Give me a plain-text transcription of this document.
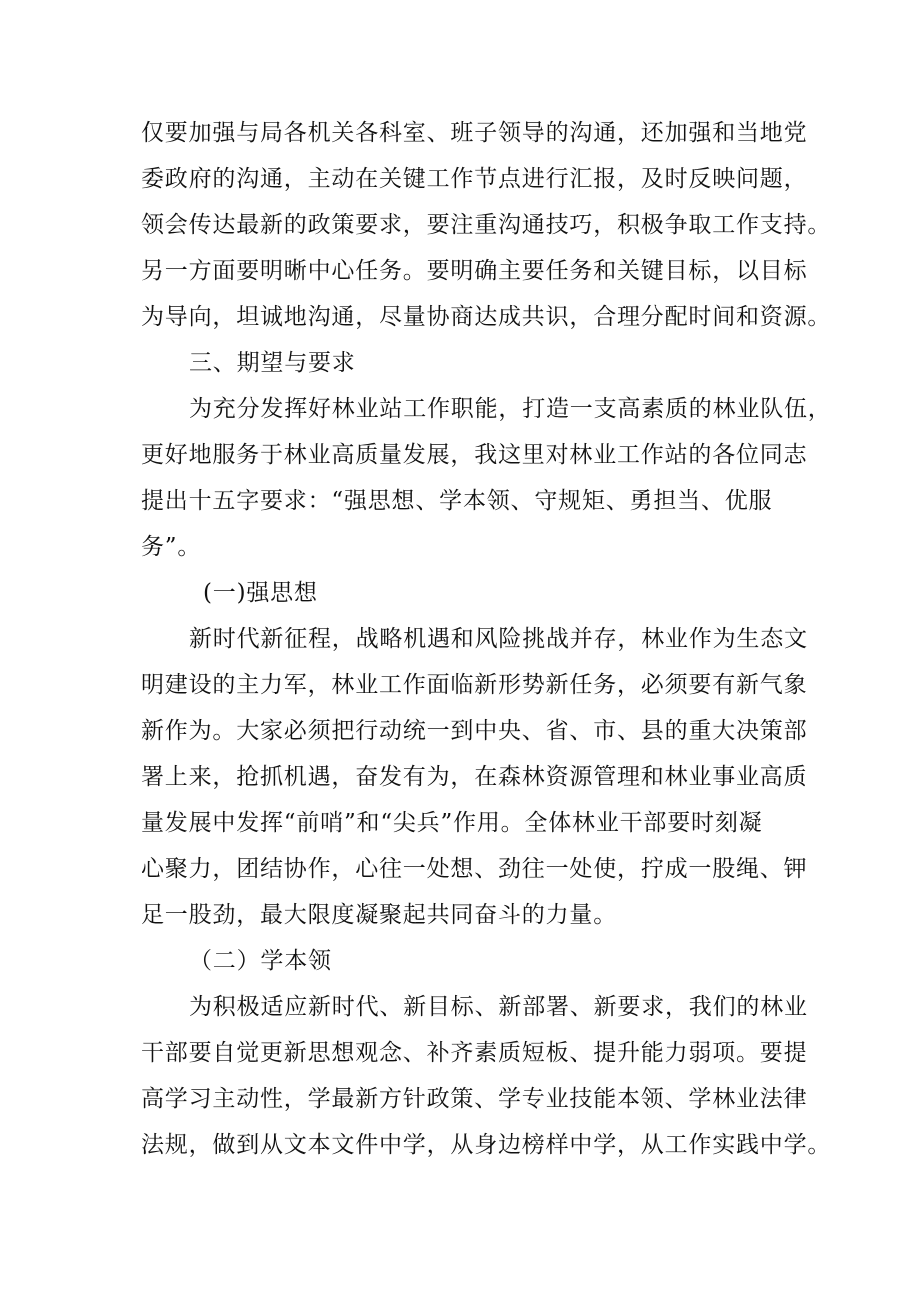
仅要加强与局各机关各科室、班子领导的沟通，还加强和当地党
委政府的沟通，主动在关键工作节点进行汇报，及时反映问题，
领会传达最新的政策要求，要注重沟通技巧，积极争取工作支持。
另一方面要明晰中心任务。要明确主要任务和关键目标，以目标
为导向，坦诚地沟通，尽量协商达成共识，合理分配时间和资源。
三、期望与要求
为充分发挥好林业站工作职能，打造一支高素质的林业队伍，
更好地服务于林业高质量发展，我这里对林业工作站的各位同志
提出十五字要求：“强思想、学本领、守规矩、勇担当、优服
务”。
(一)强思想
新时代新征程，战略机遇和风险挑战并存，林业作为生态文
明建设的主力军，林业工作面临新形势新任务，必须要有新气象
新作为。大家必须把行动统一到中央、省、市、县的重大决策部
署上来，抢抓机遇，奋发有为，在森林资源管理和林业事业高质
量发展中发挥“前哨”和“尖兵”作用。全体林业干部要时刻凝
心聚力，团结协作，心往一处想、劲往一处使，拧成一股绳、钾
足一股劲，最大限度凝聚起共同奋斗的力量。
（二）学本领
为积极适应新时代、新目标、新部署、新要求，我们的林业
干部要自觉更新思想观念、补齐素质短板、提升能力弱项。要提
高学习主动性，学最新方针政策、学专业技能本领、学林业法律
法规，做到从文本文件中学，从身边榜样中学，从工作实践中学。
